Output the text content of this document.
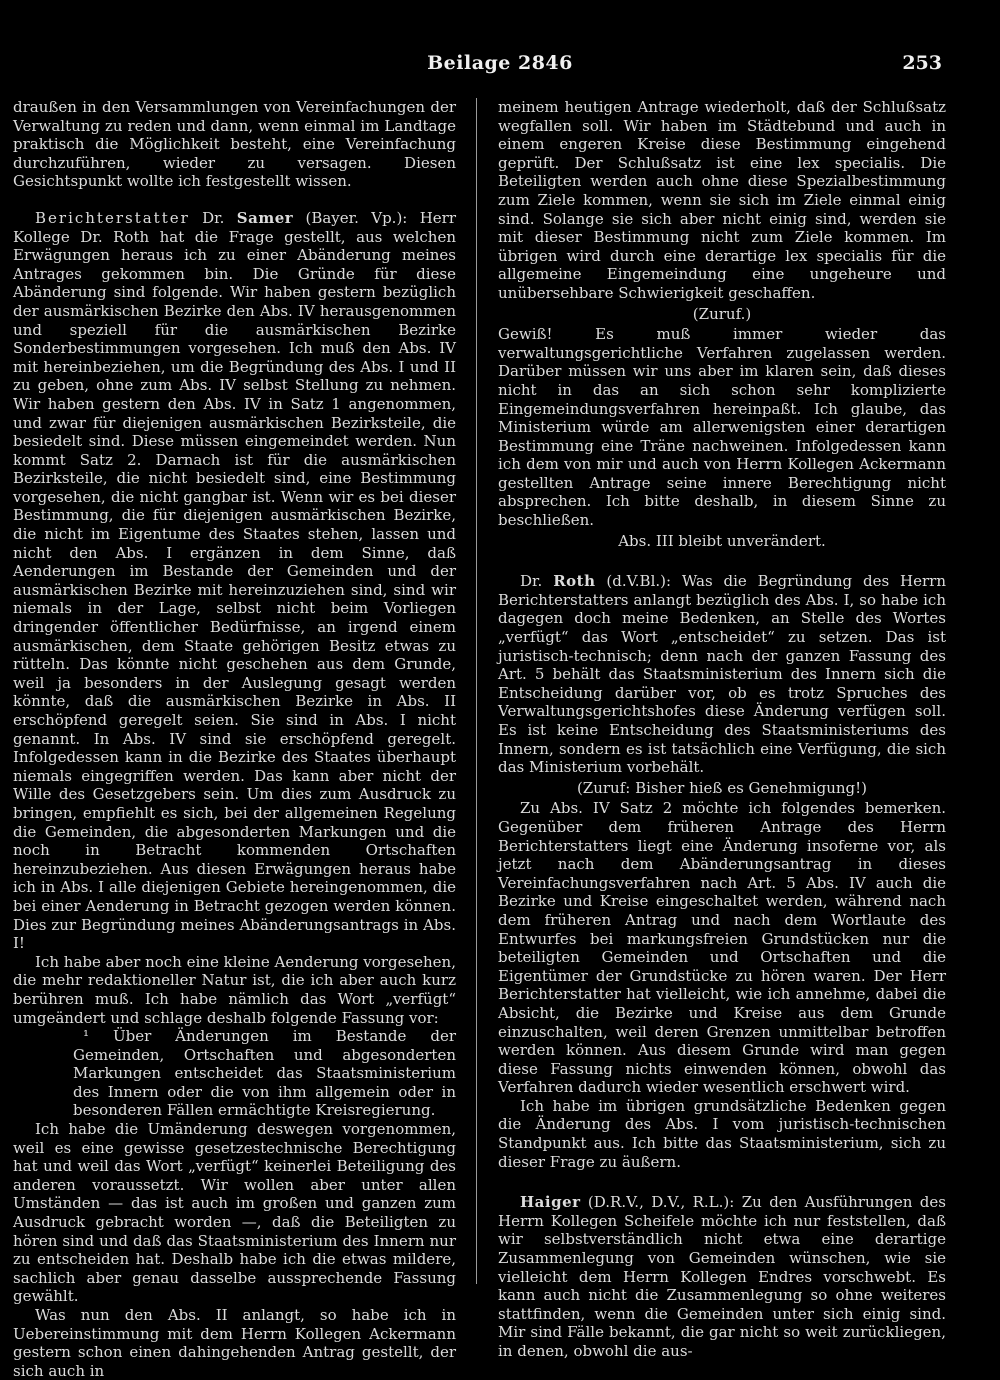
Beilage 2846	253

draußen in den Versammlungen von Vereinfachungen der Verwaltung zu reden und dann, wenn einmal im Landtage praktisch die Möglichkeit besteht, eine Vereinfachung durchzuführen, wieder zu versagen. Diesen Gesichtspunkt wollte ich festgestellt wissen.

Berichterstatter Dr. Samer (Bayer. Vp.): Herr Kollege Dr. Roth hat die Frage gestellt, aus welchen Erwägungen heraus ich zu einer Abänderung meines Antrages gekommen bin. Die Gründe für diese Abänderung sind folgende. Wir haben gestern bezüglich der ausmärkischen Bezirke den Abs. IV herausgenommen und speziell für die ausmärkischen Bezirke Sonderbestimmungen vorgesehen. Ich muß den Abs. IV mit hereinbeziehen, um die Begründung des Abs. I und II zu geben, ohne zum Abs. IV selbst Stellung zu nehmen. Wir haben gestern den Abs. IV in Satz 1 angenommen, und zwar für diejenigen ausmärkischen Bezirksteile, die besiedelt sind. Diese müssen eingemeindet werden. Nun kommt Satz 2. Darnach ist für die ausmärkischen Bezirksteile, die nicht besiedelt sind, eine Bestimmung vorgesehen, die nicht gangbar ist. Wenn wir es bei dieser Bestimmung, die für diejenigen ausmärkischen Bezirke, die nicht im Eigentume des Staates stehen, lassen und nicht den Abs. I ergänzen in dem Sinne, daß Aenderungen im Bestande der Gemeinden und der ausmärkischen Bezirke mit hereinzuziehen sind, sind wir niemals in der Lage, selbst nicht beim Vorliegen dringender öffentlicher Bedürfnisse, an irgend einem ausmärkischen, dem Staate gehörigen Besitz etwas zu rütteln. Das könnte nicht geschehen aus dem Grunde, weil ja besonders in der Auslegung gesagt werden könnte, daß die ausmärkischen Bezirke in Abs. II erschöpfend geregelt seien. Sie sind in Abs. I nicht genannt. In Abs. IV sind sie erschöpfend geregelt. Infolgedessen kann in die Bezirke des Staates überhaupt niemals eingegriffen werden. Das kann aber nicht der Wille des Gesetzgebers sein. Um dies zum Ausdruck zu bringen, empfiehlt es sich, bei der allgemeinen Regelung die Gemeinden, die abgesonderten Markungen und die noch in Betracht kommenden Ortschaften hereinzubeziehen. Aus diesen Erwägungen heraus habe ich in Abs. I alle diejenigen Gebiete hereingenommen, die bei einer Aenderung in Betracht gezogen werden können. Dies zur Begründung meines Abänderungsantrags in Abs. I!

Ich habe aber noch eine kleine Aenderung vorgesehen, die mehr redaktioneller Natur ist, die ich aber auch kurz berühren muß. Ich habe nämlich das Wort „verfügt“ umgeändert und schlage deshalb folgende Fassung vor:

¹ Über Änderungen im Bestande der Gemeinden, Ortschaften und abgesonderten Markungen entscheidet das Staatsministerium des Innern oder die von ihm allgemein oder in besonderen Fällen ermächtigte Kreisregierung.

Ich habe die Umänderung deswegen vorgenommen, weil es eine gewisse gesetzestechnische Berechtigung hat und weil das Wort „verfügt“ keinerlei Beteiligung des anderen voraussetzt. Wir wollen aber unter allen Umständen — das ist auch im großen und ganzen zum Ausdruck gebracht worden —, daß die Beteiligten zu hören sind und daß das Staatsministerium des Innern nur zu entscheiden hat. Deshalb habe ich die etwas mildere, sachlich aber genau dasselbe aussprechende Fassung gewählt.

Was nun den Abs. II anlangt, so habe ich in Uebereinstimmung mit dem Herrn Kollegen Ackermann gestern schon einen dahingehenden Antrag gestellt, der sich auch in

meinem heutigen Antrage wiederholt, daß der Schlußsatz wegfallen soll. Wir haben im Städtebund und auch in einem engeren Kreise diese Bestimmung eingehend geprüft. Der Schlußsatz ist eine lex specialis. Die Beteiligten werden auch ohne diese Spezialbestimmung zum Ziele kommen, wenn sie sich im Ziele einmal einig sind. Solange sie sich aber nicht einig sind, werden sie mit dieser Bestimmung nicht zum Ziele kommen. Im übrigen wird durch eine derartige lex specialis für die allgemeine Eingemeindung eine ungeheure und unübersehbare Schwierigkeit geschaffen.

(Zuruf.)

Gewiß! Es muß immer wieder das verwaltungsgerichtliche Verfahren zugelassen werden. Darüber müssen wir uns aber im klaren sein, daß dieses nicht in das an sich schon sehr komplizierte Eingemeindungsverfahren hereinpaßt. Ich glaube, das Ministerium würde am allerwenigsten einer derartigen Bestimmung eine Träne nachweinen. Infolgedessen kann ich dem von mir und auch von Herrn Kollegen Ackermann gestellten Antrage seine innere Berechtigung nicht absprechen. Ich bitte deshalb, in diesem Sinne zu beschließen.

Abs. III bleibt unverändert.

Dr. Roth (d.V.Bl.): Was die Begründung des Herrn Berichterstatters anlangt bezüglich des Abs. I, so habe ich dagegen doch meine Bedenken, an Stelle des Wortes „verfügt“ das Wort „entscheidet“ zu setzen. Das ist juristisch-technisch; denn nach der ganzen Fassung des Art. 5 behält das Staatsministerium des Innern sich die Entscheidung darüber vor, ob es trotz Spruches des Verwaltungsgerichtshofes diese Änderung verfügen soll. Es ist keine Entscheidung des Staatsministeriums des Innern, sondern es ist tatsächlich eine Verfügung, die sich das Ministerium vorbehält.

(Zuruf: Bisher hieß es Genehmigung!)

Zu Abs. IV Satz 2 möchte ich folgendes bemerken. Gegenüber dem früheren Antrage des Herrn Berichterstatters liegt eine Änderung insoferne vor, als jetzt nach dem Abänderungsantrag in dieses Vereinfachungsverfahren nach Art. 5 Abs. IV auch die Bezirke und Kreise eingeschaltet werden, während nach dem früheren Antrag und nach dem Wortlaute des Entwurfes bei markungsfreien Grundstücken nur die beteiligten Gemeinden und Ortschaften und die Eigentümer der Grundstücke zu hören waren. Der Herr Berichterstatter hat vielleicht, wie ich annehme, dabei die Absicht, die Bezirke und Kreise aus dem Grunde einzuschalten, weil deren Grenzen unmittelbar betroffen werden können. Aus diesem Grunde wird man gegen diese Fassung nichts einwenden können, obwohl das Verfahren dadurch wieder wesentlich erschwert wird.

Ich habe im übrigen grundsätzliche Bedenken gegen die Änderung des Abs. I vom juristisch-technischen Standpunkt aus. Ich bitte das Staatsministerium, sich zu dieser Frage zu äußern.

Haiger (D.R.V., D.V., R.L.): Zu den Ausführungen des Herrn Kollegen Scheifele möchte ich nur feststellen, daß wir selbstverständlich nicht etwa eine derartige Zusammenlegung von Gemeinden wünschen, wie sie vielleicht dem Herrn Kollegen Endres vorschwebt. Es kann auch nicht die Zusammenlegung so ohne weiteres stattfinden, wenn die Gemeinden unter sich einig sind. Mir sind Fälle bekannt, die gar nicht so weit zurückliegen, in denen, obwohl die aus-
